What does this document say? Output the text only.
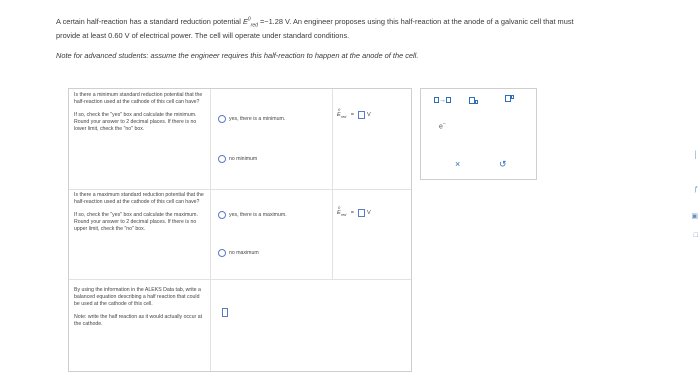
A certain half-reaction has a standard reduction potential $E^0_{red} =-1.28$ V. An engineer proposes using this half-reaction at the anode of a galvanic cell that must
provide at least 0.60 V of electrical power. The cell will operate under standard conditions.

Note for advanced students: assume the engineer requires this half-reaction to happen at the anode of the cell.

Is there a minimum standard reduction potential that the half-reaction used at the cathode of this cell can have?

If so, check the "yes" box and calculate the minimum. Round your answer to 2 decimal places. If there is no lower limit, check the "no" box.

yes, there is a minimum.
no minimum
E
0
red = V

Is there a maximum standard reduction potential that the half-reaction used at the cathode of this cell can have?

If so, check the "yes" box and calculate the maximum. Round your answer to 2 decimal places. If there is no upper limit, check the "no" box.

yes, there is a maximum.
no maximum
E
0
red = V

By using the information in the ALEKS Data tab, write a balanced equation describing a half reaction that could be used at the cathode of this cell.

Note: write the half reaction as it would actually occur at the cathode.

→
e−
×	↺
│
ƒ
▣
□
